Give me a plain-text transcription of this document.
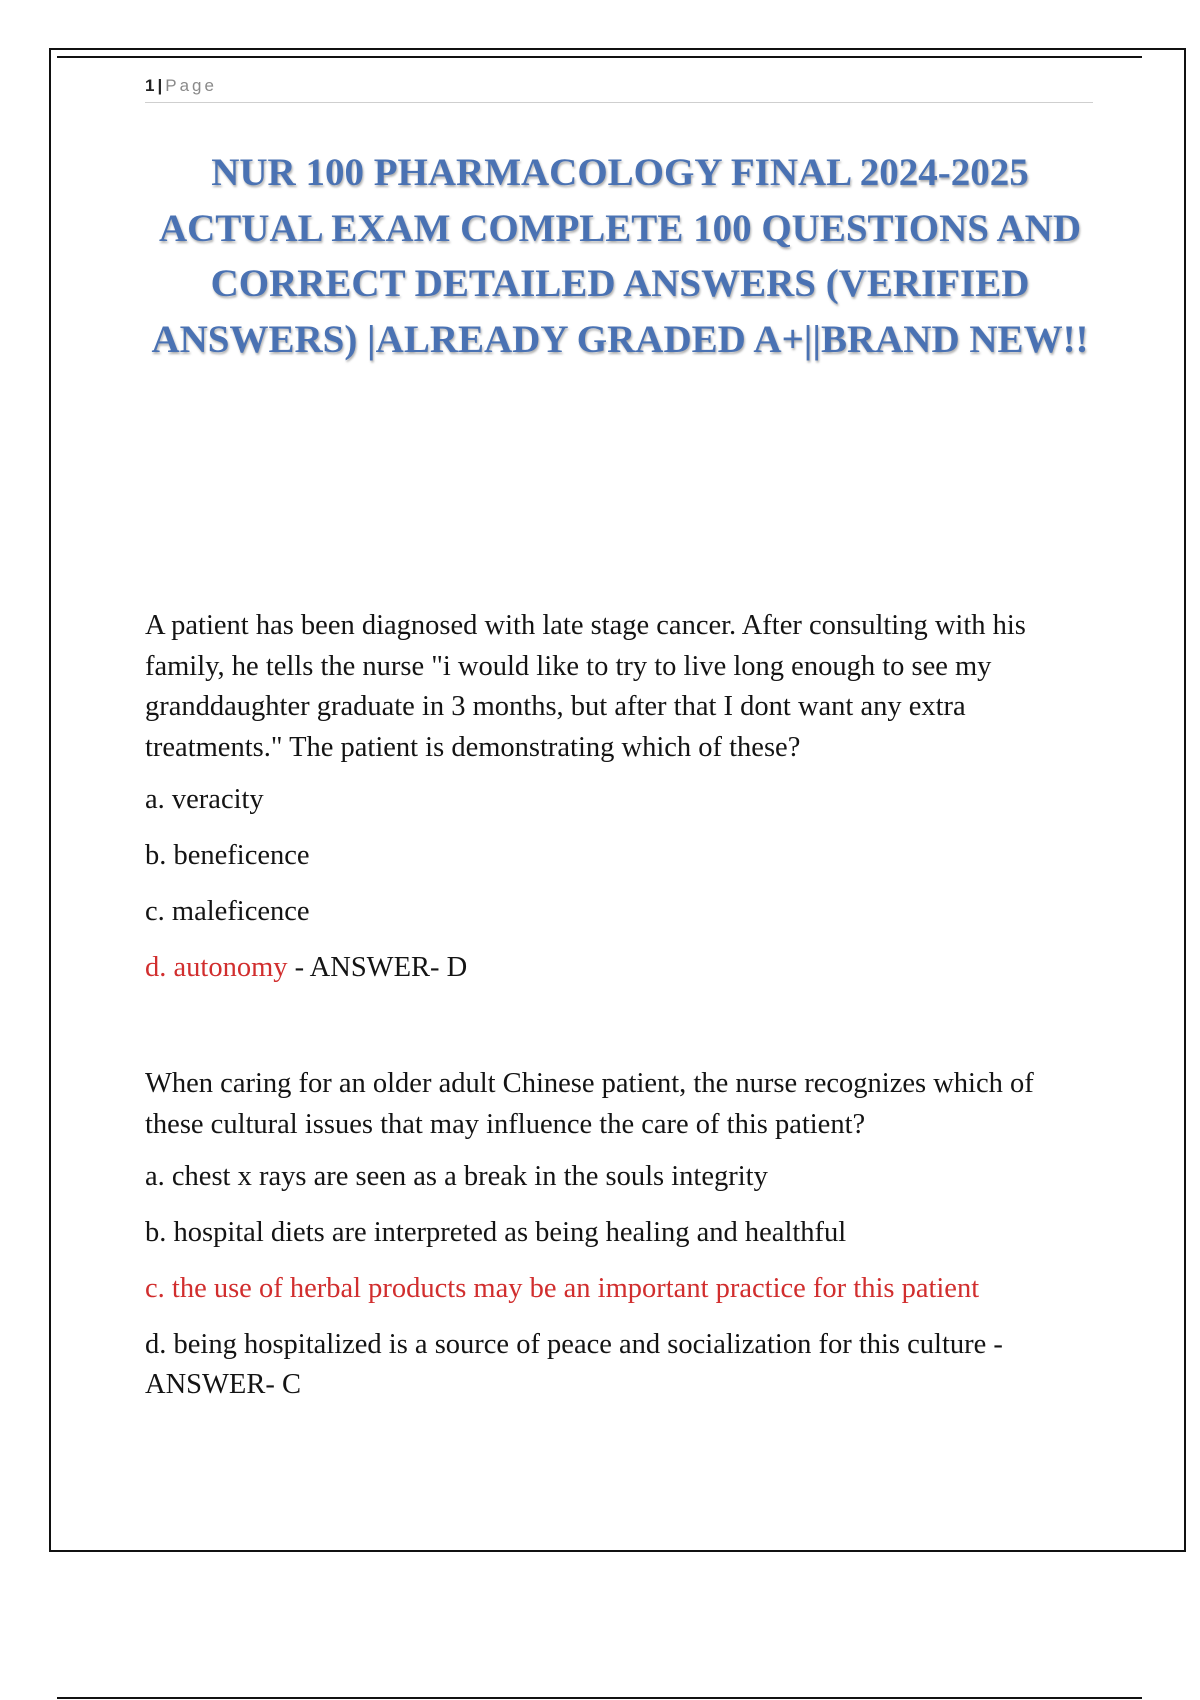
1 | Page
NUR 100 PHARMACOLOGY FINAL 2024-2025 ACTUAL EXAM COMPLETE 100 QUESTIONS AND CORRECT DETAILED ANSWERS (VERIFIED ANSWERS) |ALREADY GRADED A+||BRAND NEW!!

A patient has been diagnosed with late stage cancer. After consulting with his family, he tells the nurse "i would like to try to live long enough to see my granddaughter graduate in 3 months, but after that I dont want any extra treatments." The patient is demonstrating which of these?

a. veracity

b. beneficence

c. maleficence

d. autonomy - ANSWER- D

When caring for an older adult Chinese patient, the nurse recognizes which of these cultural issues that may influence the care of this patient?

a. chest x rays are seen as a break in the souls integrity

b. hospital diets are interpreted as being healing and healthful

c. the use of herbal products may be an important practice for this patient

d. being hospitalized is a source of peace and socialization for this culture - ANSWER- C
